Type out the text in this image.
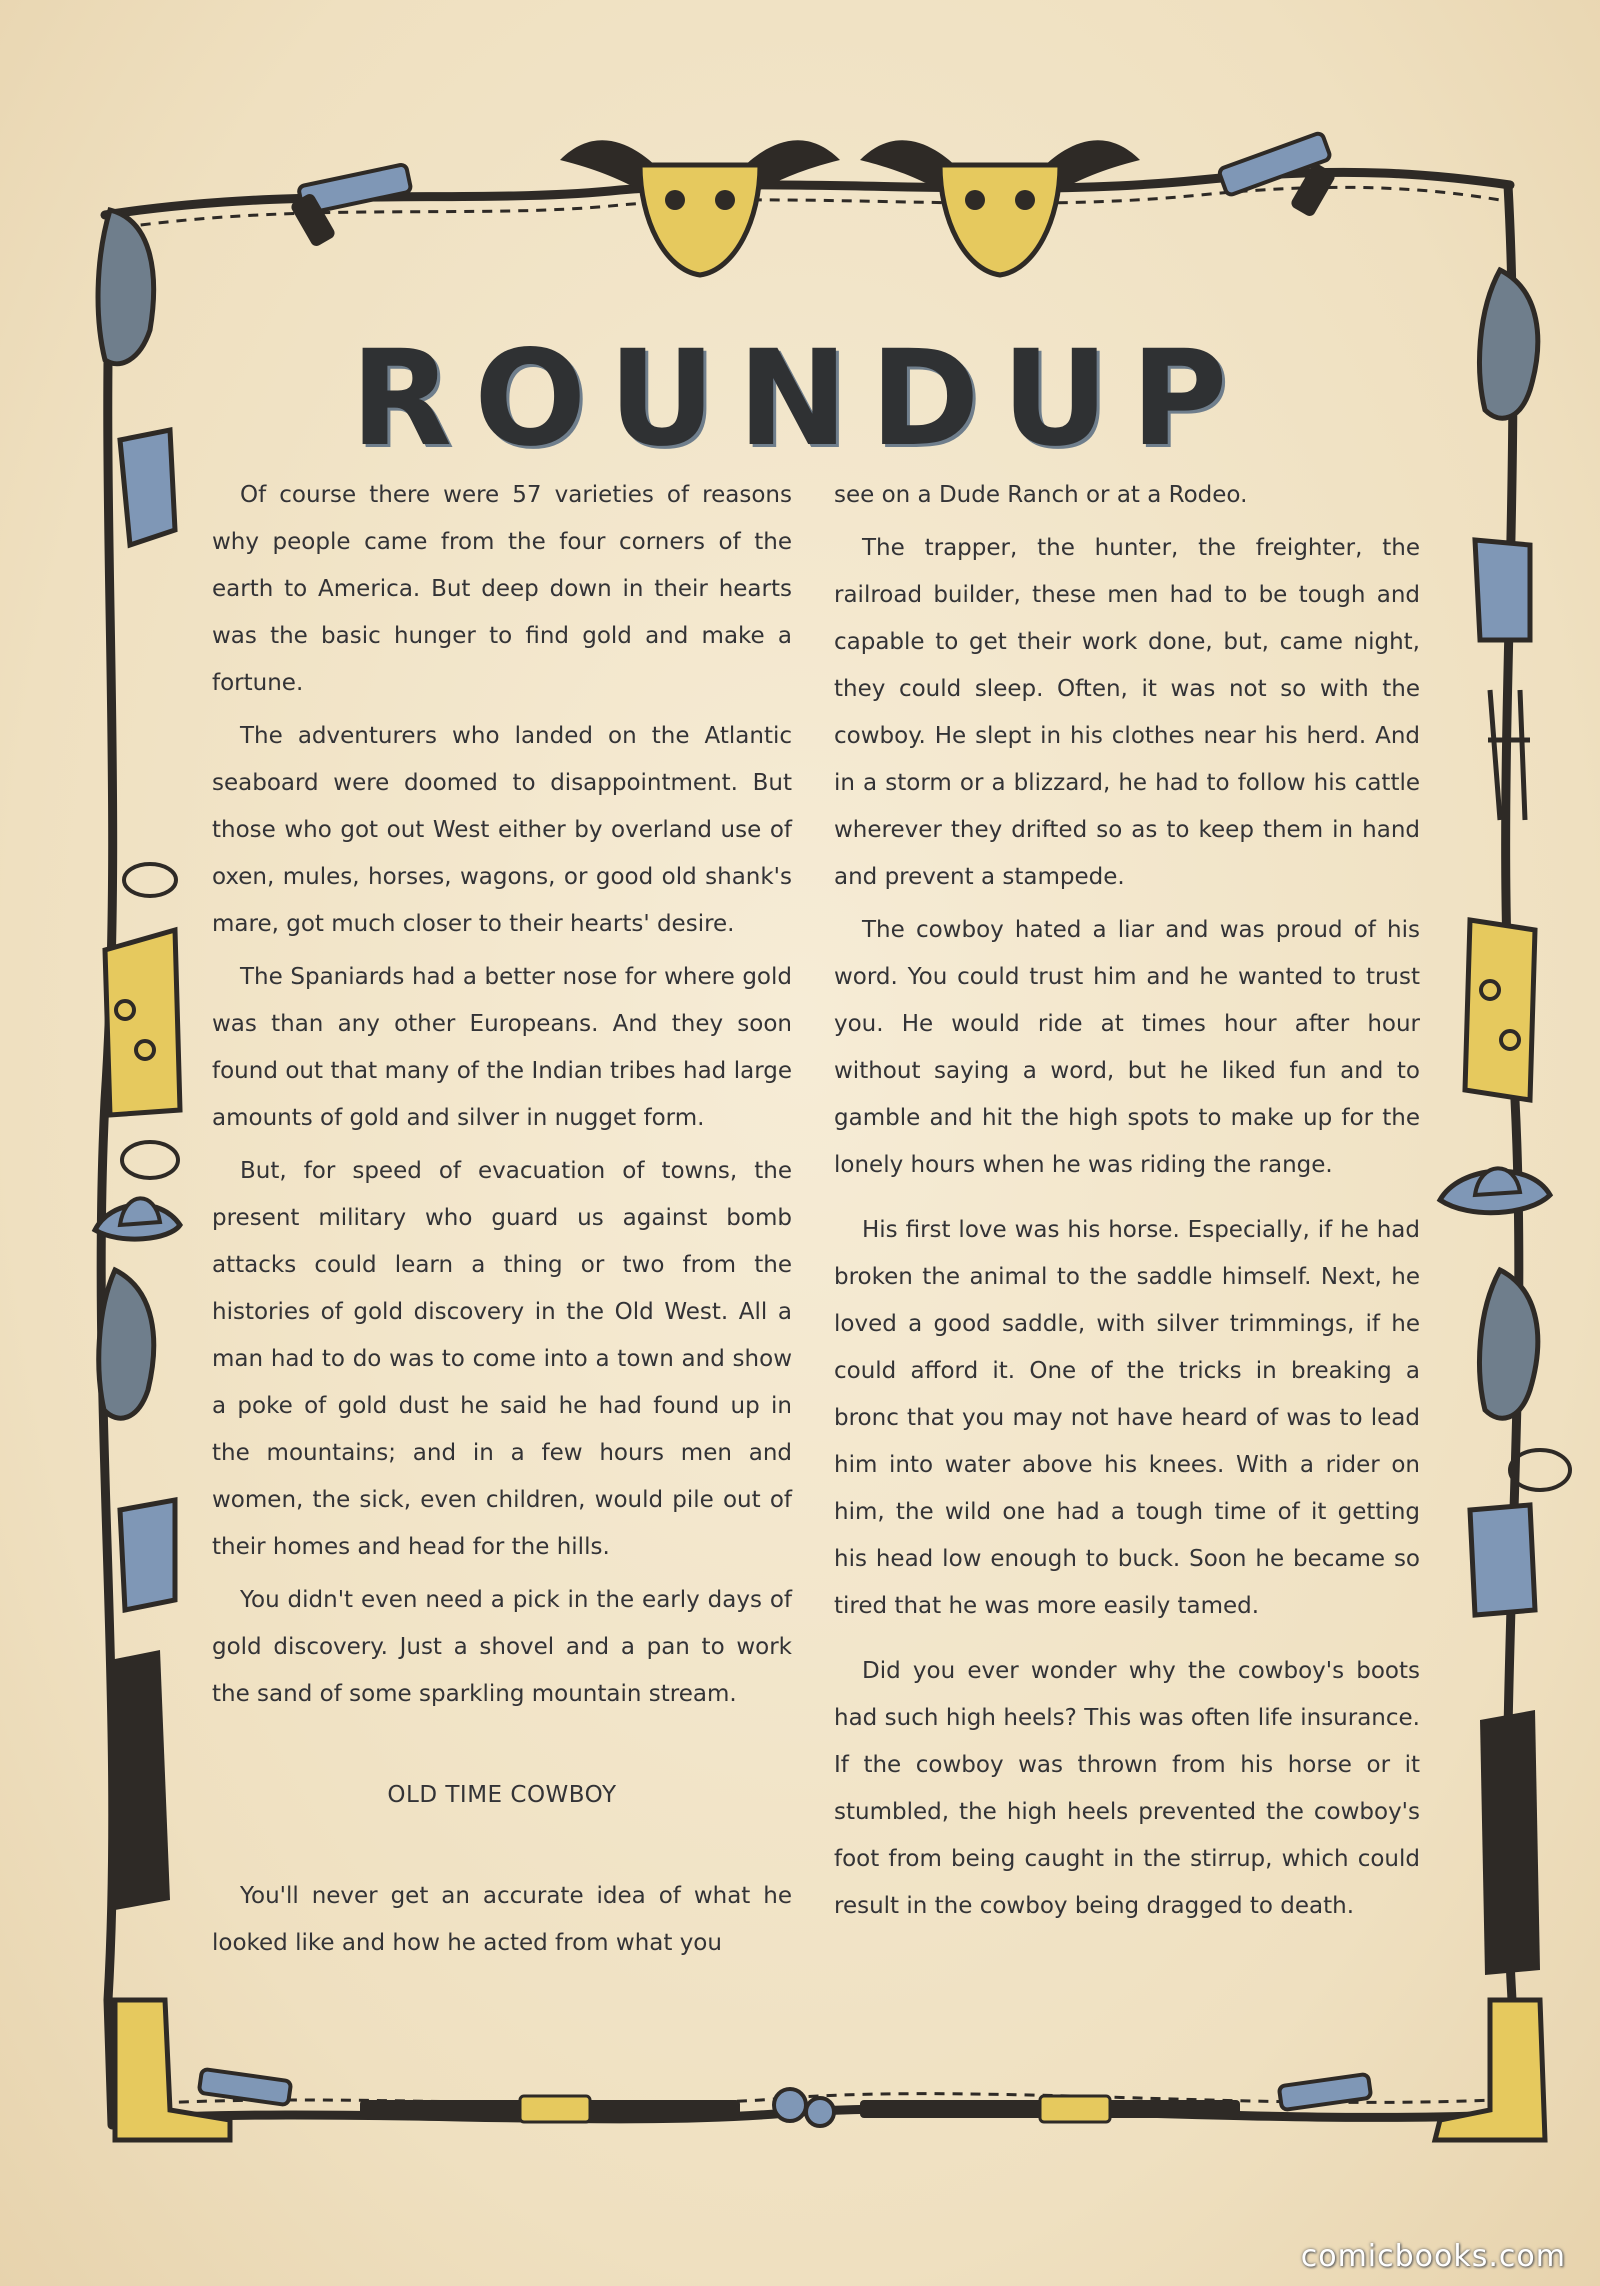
ROUNDUP

Of course there were 57 varieties of reasons why people came from the four corners of the earth to America. But deep down in their hearts was the basic hunger to find gold and make a fortune.

The adventurers who landed on the Atlantic seaboard were doomed to disappointment. But those who got out West either by overland use of oxen, mules, horses, wagons, or good old shank's mare, got much closer to their hearts' desire.

The Spaniards had a better nose for where gold was than any other Europeans. And they soon found out that many of the Indian tribes had large amounts of gold and silver in nugget form.

But, for speed of evacuation of towns, the present military who guard us against bomb attacks could learn a thing or two from the histories of gold discovery in the Old West. All a man had to do was to come into a town and show a poke of gold dust he said he had found up in the mountains; and in a few hours men and women, the sick, even children, would pile out of their homes and head for the hills.

You didn't even need a pick in the early days of gold discovery. Just a shovel and a pan to work the sand of some sparkling mountain stream.

OLD TIME COWBOY

You'll never get an accurate idea of what he looked like and how he acted from what you

see on a Dude Ranch or at a Rodeo.

The trapper, the hunter, the freighter, the railroad builder, these men had to be tough and capable to get their work done, but, came night, they could sleep. Often, it was not so with the cowboy. He slept in his clothes near his herd. And in a storm or a blizzard, he had to follow his cattle wherever they drifted so as to keep them in hand and prevent a stampede.

The cowboy hated a liar and was proud of his word. You could trust him and he wanted to trust you. He would ride at times hour after hour without saying a word, but he liked fun and to gamble and hit the high spots to make up for the lonely hours when he was riding the range.

His first love was his horse. Especially, if he had broken the animal to the saddle himself. Next, he loved a good saddle, with silver trimmings, if he could afford it. One of the tricks in breaking a bronc that you may not have heard of was to lead him into water above his knees. With a rider on him, the wild one had a tough time of it getting his head low enough to buck. Soon he became so tired that he was more easily tamed.

Did you ever wonder why the cowboy's boots had such high heels? This was often life insurance. If the cowboy was thrown from his horse or it stumbled, the high heels prevented the cowboy's foot from being caught in the stirrup, which could result in the cowboy being dragged to death.

comicbooks.com
